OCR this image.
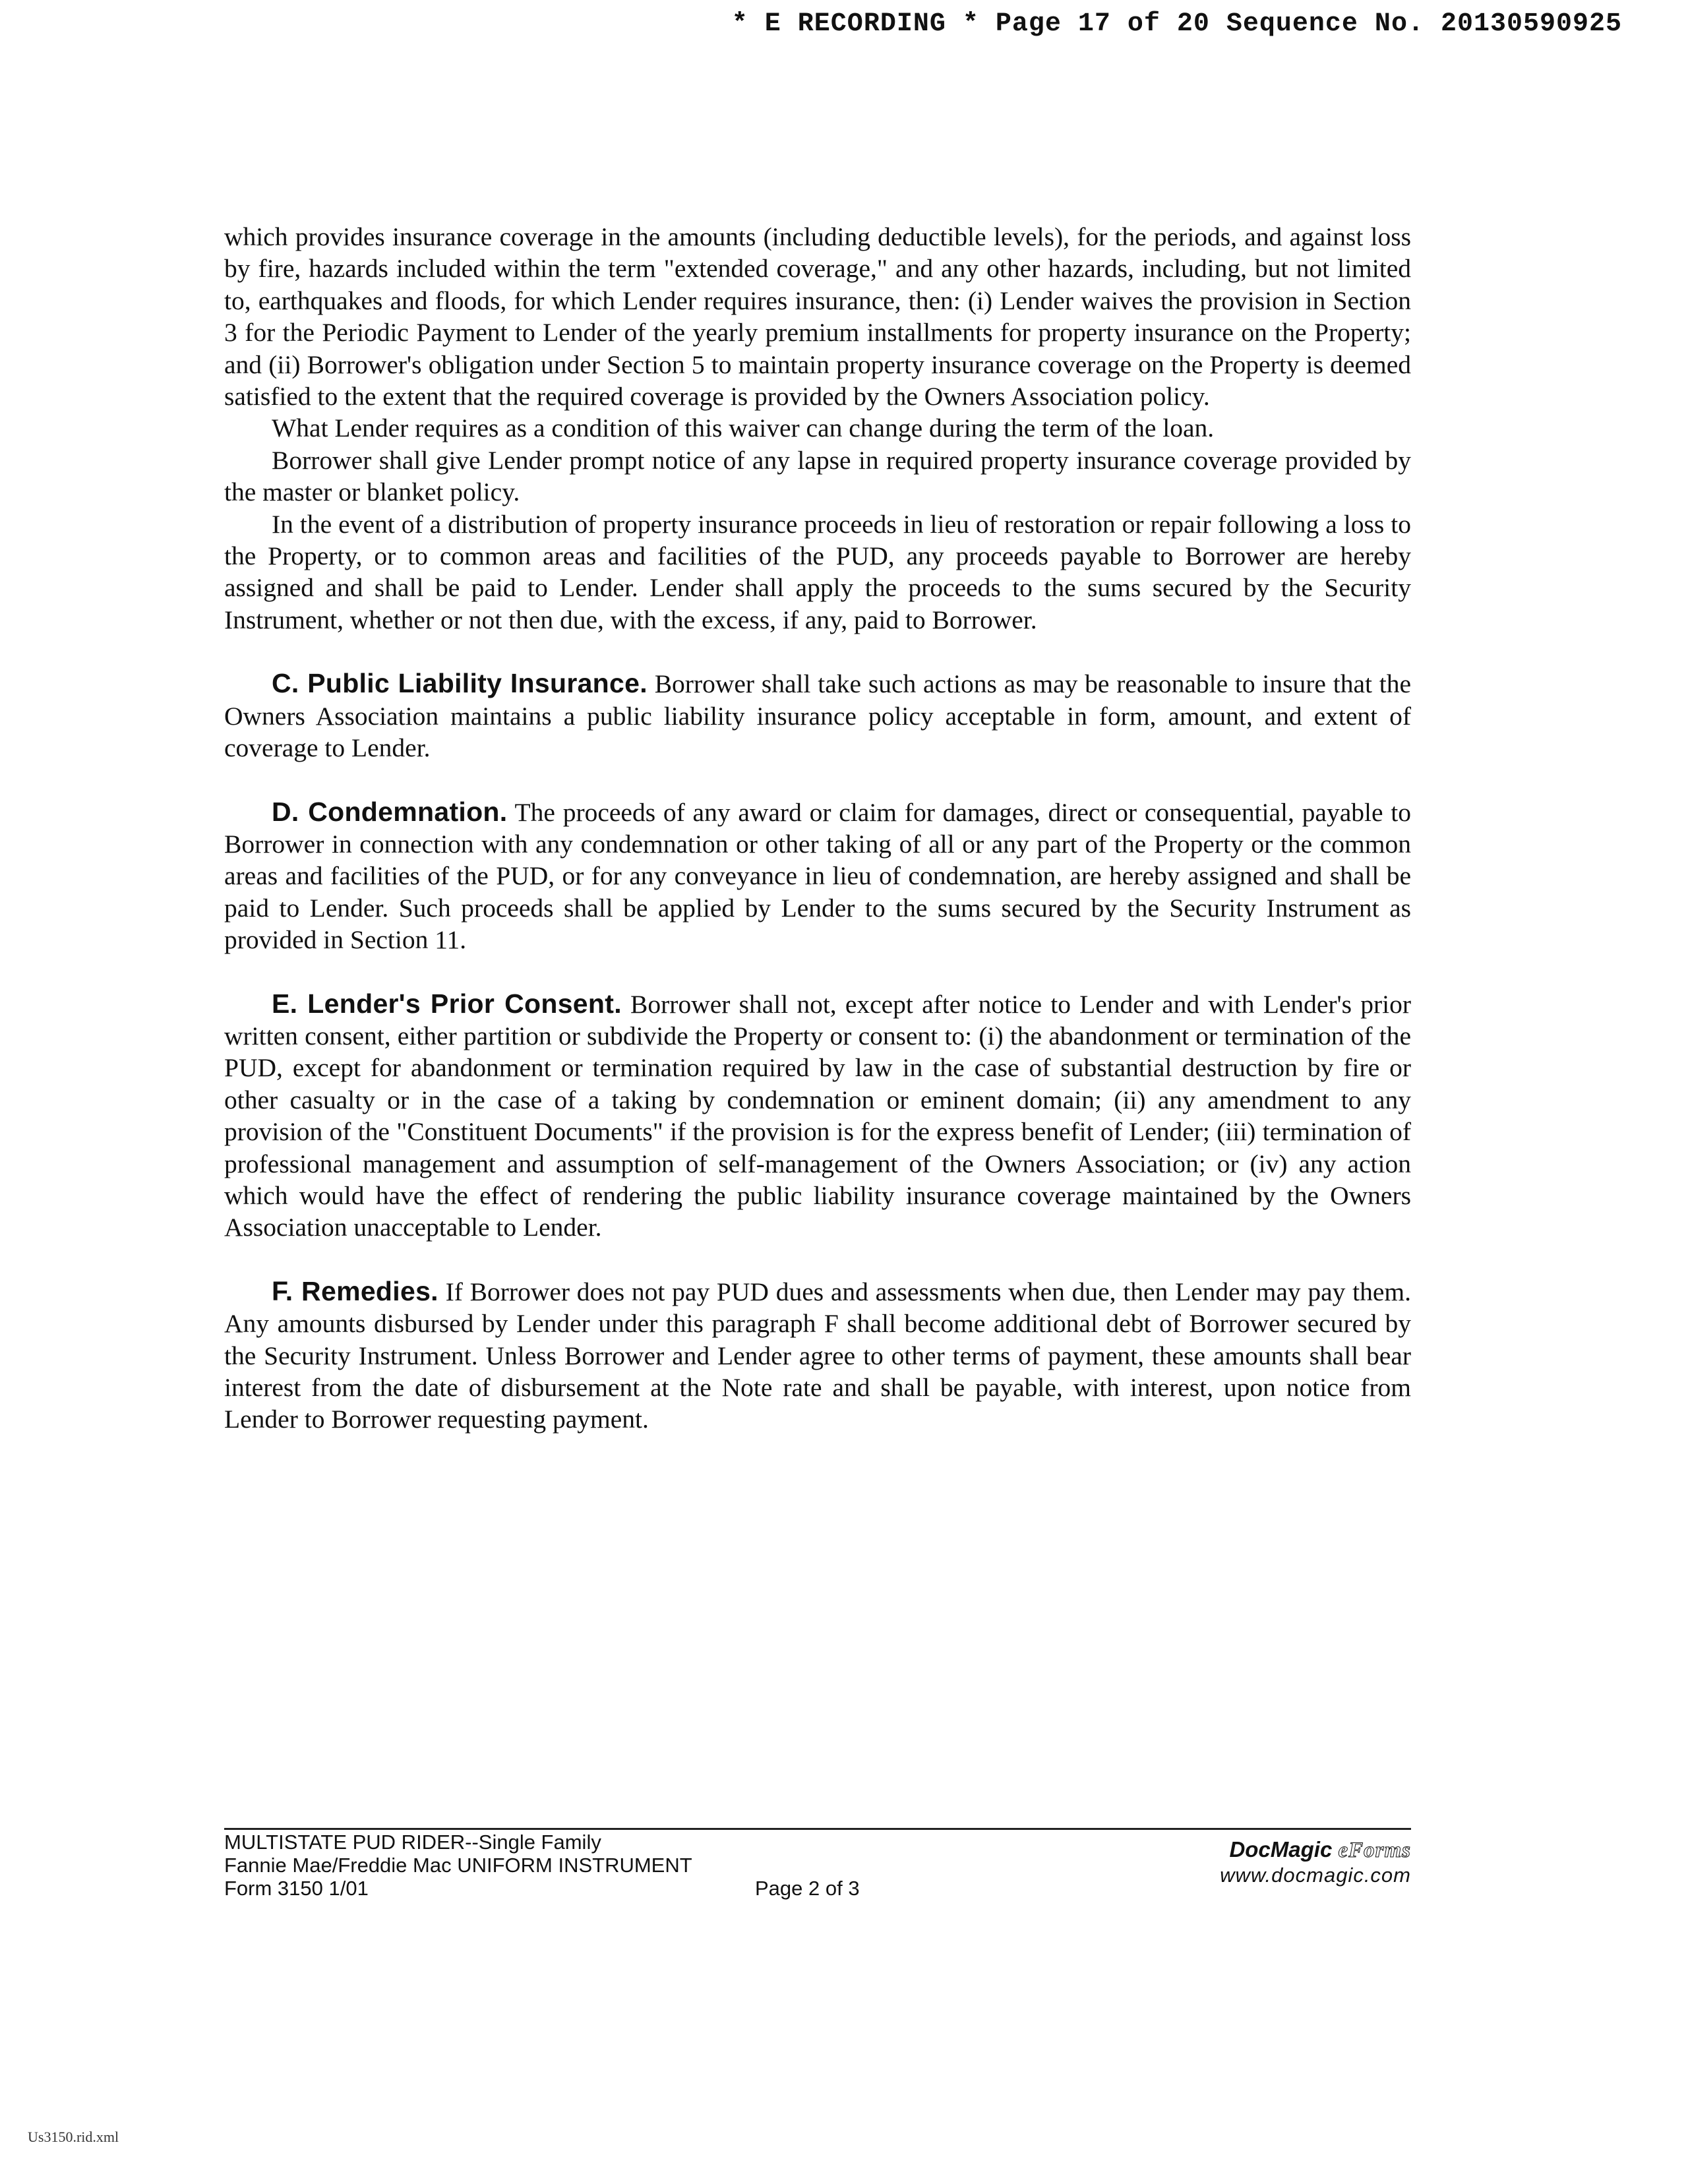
* E RECORDING * Page 17 of 20 Sequence No. 20130590925

which provides insurance coverage in the amounts (including deductible levels), for the periods, and against loss by fire, hazards included within the term "extended coverage," and any other hazards, including, but not limited to, earthquakes and floods, for which Lender requires insurance, then: (i) Lender waives the provision in Section 3 for the Periodic Payment to Lender of the yearly premium installments for property insurance on the Property; and (ii) Borrower's obligation under Section 5 to maintain property insurance coverage on the Property is deemed satisfied to the extent that the required coverage is provided by the Owners Association policy.

What Lender requires as a condition of this waiver can change during the term of the loan.

Borrower shall give Lender prompt notice of any lapse in required property insurance coverage provided by the master or blanket policy.

In the event of a distribution of property insurance proceeds in lieu of restoration or repair following a loss to the Property, or to common areas and facilities of the PUD, any proceeds payable to Borrower are hereby assigned and shall be paid to Lender. Lender shall apply the proceeds to the sums secured by the Security Instrument, whether or not then due, with the excess, if any, paid to Borrower.

C. Public Liability Insurance. Borrower shall take such actions as may be reasonable to insure that the Owners Association maintains a public liability insurance policy acceptable in form, amount, and extent of coverage to Lender.

D. Condemnation. The proceeds of any award or claim for damages, direct or consequential, payable to Borrower in connection with any condemnation or other taking of all or any part of the Property or the common areas and facilities of the PUD, or for any conveyance in lieu of condemnation, are hereby assigned and shall be paid to Lender. Such proceeds shall be applied by Lender to the sums secured by the Security Instrument as provided in Section 11.

E. Lender's Prior Consent. Borrower shall not, except after notice to Lender and with Lender's prior written consent, either partition or subdivide the Property or consent to: (i) the abandonment or termination of the PUD, except for abandonment or termination required by law in the case of substantial destruction by fire or other casualty or in the case of a taking by condemnation or eminent domain; (ii) any amendment to any provision of the "Constituent Documents" if the provision is for the express benefit of Lender; (iii) termination of professional management and assumption of self-management of the Owners Association; or (iv) any action which would have the effect of rendering the public liability insurance coverage maintained by the Owners Association unacceptable to Lender.

F. Remedies. If Borrower does not pay PUD dues and assessments when due, then Lender may pay them. Any amounts disbursed by Lender under this paragraph F shall become additional debt of Borrower secured by the Security Instrument. Unless Borrower and Lender agree to other terms of payment, these amounts shall bear interest from the date of disbursement at the Note rate and shall be payable, with interest, upon notice from Lender to Borrower requesting payment.

MULTISTATE PUD RIDER--Single Family
Fannie Mae/Freddie Mac UNIFORM INSTRUMENT
Form 3150 1/01	Page 2 of 3
DocMagic eForms
www.docmagic.com
Us3150.rid.xml
